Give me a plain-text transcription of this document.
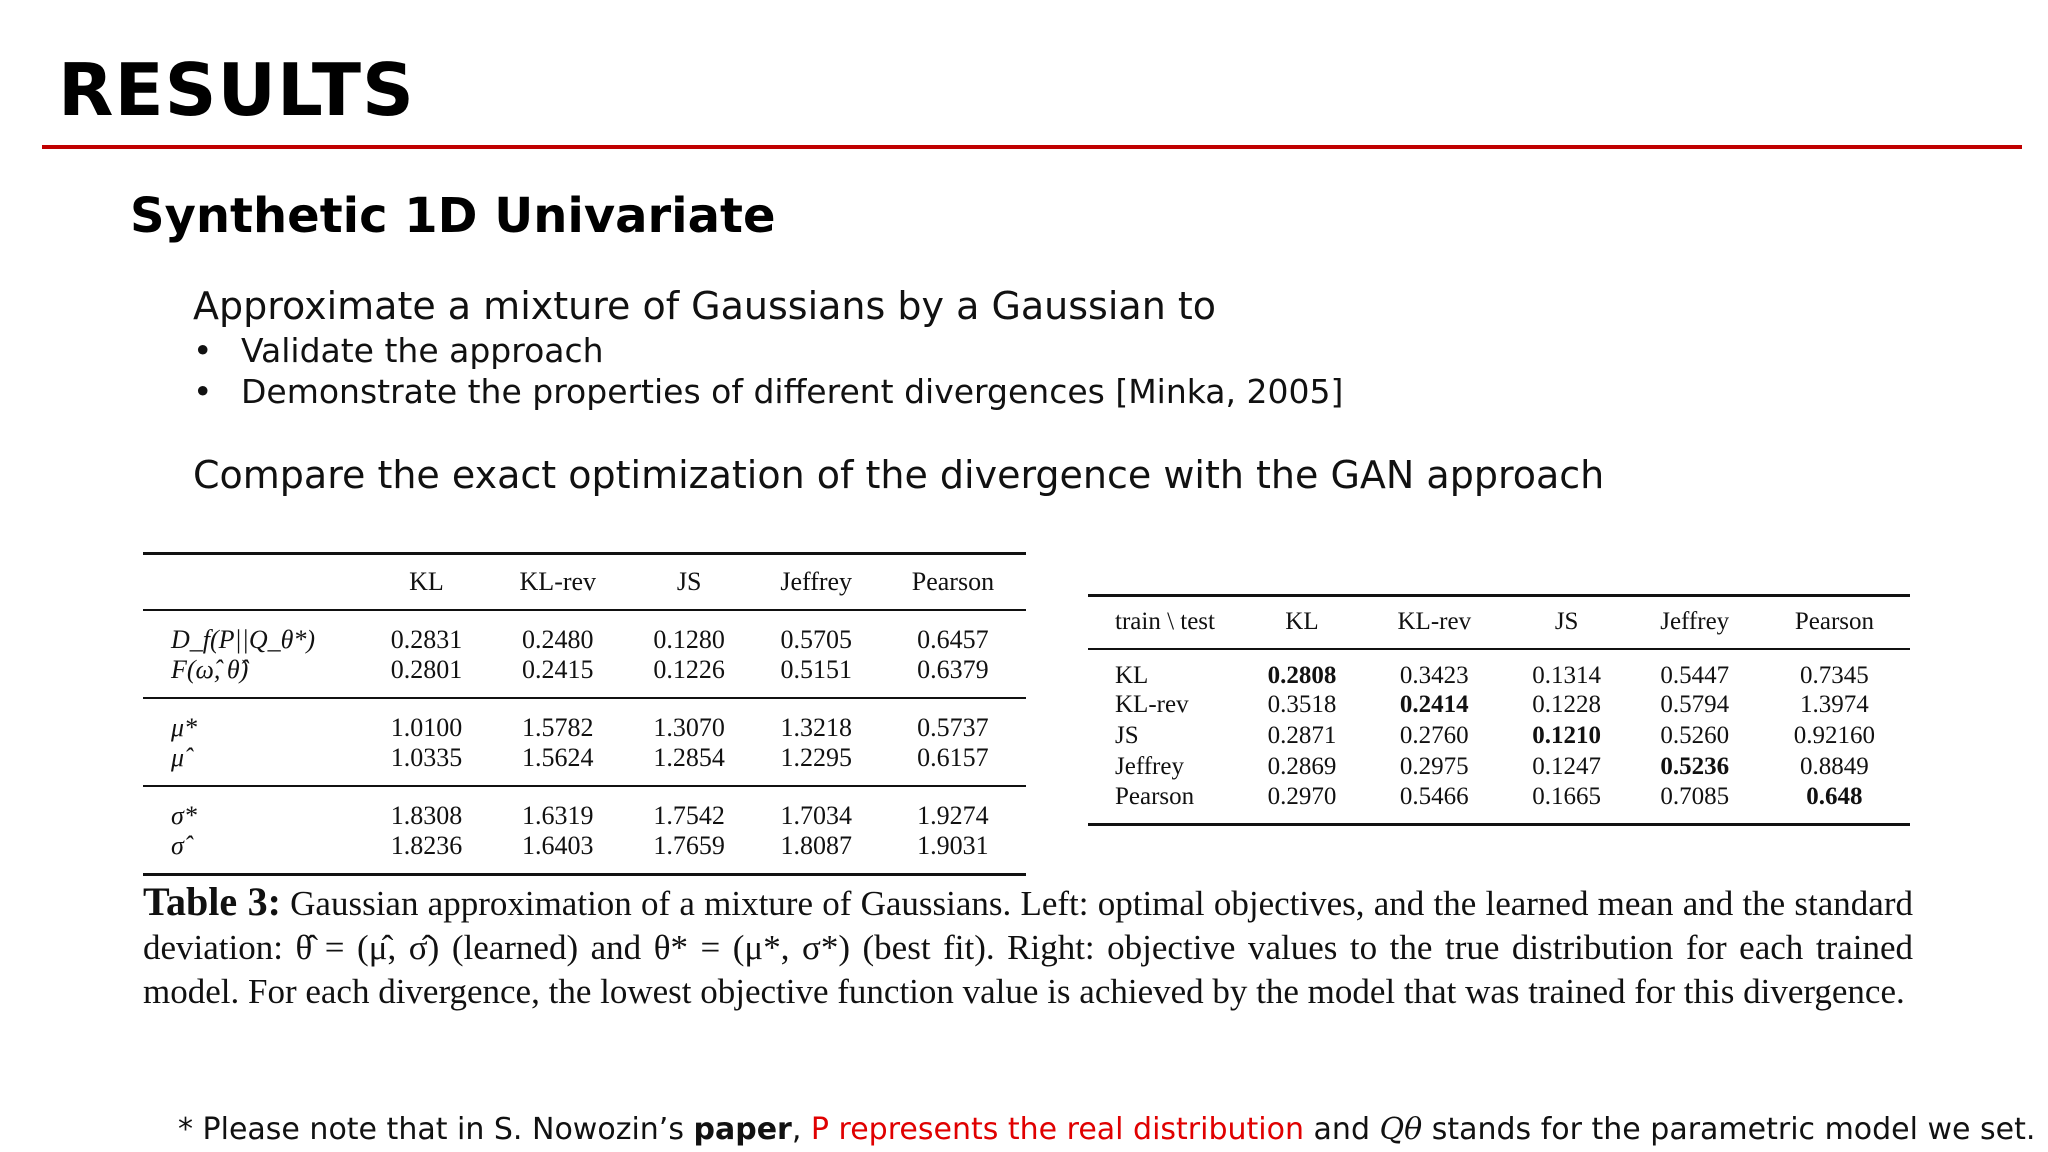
RESULTS
Synthetic 1D Univariate
Approximate a mixture of Gaussians by a Gaussian to
• Validate the approach
• Demonstrate the properties of different divergences [Minka, 2005]
Compare the exact optimization of the divergence with the GAN approach
	KL	KL-rev	JS	Jeffrey	Pearson
D_f(P||Q_θ*)	0.2831	0.2480	0.1280	0.5705	0.6457
F(ω̂, θ̂)	0.2801	0.2415	0.1226	0.5151	0.6379
μ*	1.0100	1.5782	1.3070	1.3218	0.5737
μ̂	1.0335	1.5624	1.2854	1.2295	0.6157
σ*	1.8308	1.6319	1.7542	1.7034	1.9274
σ̂	1.8236	1.6403	1.7659	1.8087	1.9031
train \ test	KL	KL-rev	JS	Jeffrey	Pearson
KL	0.2808	0.3423	0.1314	0.5447	0.7345
KL-rev	0.3518	0.2414	0.1228	0.5794	1.3974
JS	0.2871	0.2760	0.1210	0.5260	0.92160
Jeffrey	0.2869	0.2975	0.1247	0.5236	0.8849
Pearson	0.2970	0.5466	0.1665	0.7085	0.648
Table 3: Gaussian approximation of a mixture of Gaussians. Left: optimal objectives, and the learned mean and the standard deviation: θ̂ = (μ̂, σ̂) (learned) and θ* = (μ*, σ*) (best fit). Right: objective values to the true distribution for each trained model. For each divergence, the lowest objective function value is achieved by the model that was trained for this divergence.
* Please note that in S. Nowozin’s paper, P represents the real distribution and Qθ stands for the parametric model we set.
